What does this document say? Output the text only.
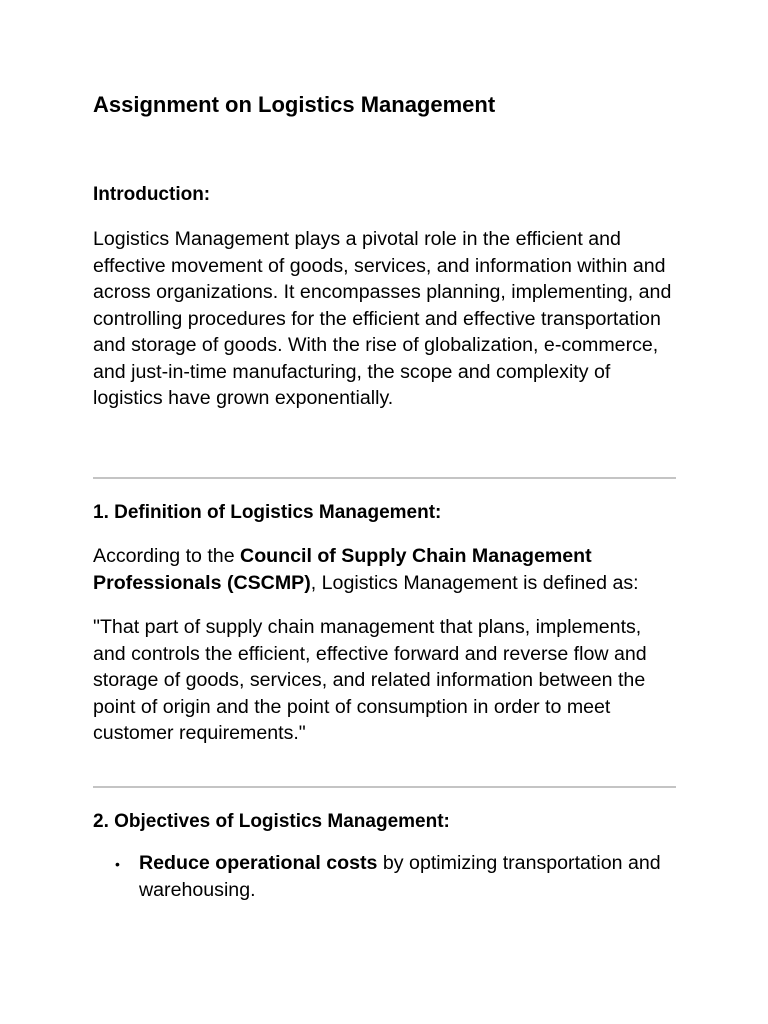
Assignment on Logistics Management
Introduction:

Logistics Management plays a pivotal role in the efficient and effective movement of goods, services, and information within and across organizations. It encompasses planning, implementing, and controlling procedures for the efficient and effective transportation and storage of goods. With the rise of globalization, e-commerce, and just-in-time manufacturing, the scope and complexity of logistics have grown exponentially.

1. Definition of Logistics Management:

According to the Council of Supply Chain Management Professionals (CSCMP), Logistics Management is defined as:

"That part of supply chain management that plans, implements, and controls the efficient, effective forward and reverse flow and storage of goods, services, and related information between the point of origin and the point of consumption in order to meet customer requirements."

2. Objectives of Logistics Management:
• Reduce operational costs by optimizing transportation and warehousing.
